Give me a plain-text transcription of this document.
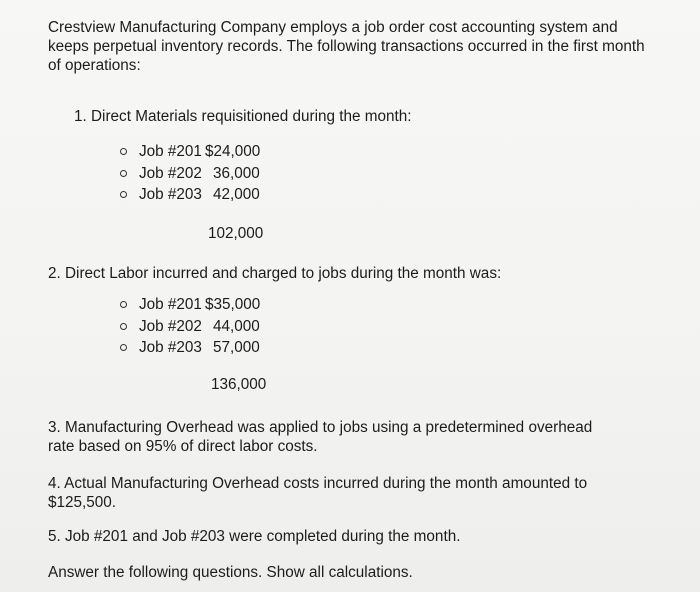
Crestview Manufacturing Company employs a job order cost accounting system and keeps perpetual inventory records. The following transactions occurred in the first month of operations:

1. Direct Materials requisitioned during the month:

Job #201 $24,000
Job #202 36,000
Job #203 42,000
102,000

2. Direct Labor incurred and charged to jobs during the month was:

Job #201 $35,000
Job #202 44,000
Job #203 57,000
136,000

3. Manufacturing Overhead was applied to jobs using a predetermined overhead rate based on 95% of direct labor costs.

4. Actual Manufacturing Overhead costs incurred during the month amounted to $125,500.

5. Job #201 and Job #203 were completed during the month.

Answer the following questions. Show all calculations.
